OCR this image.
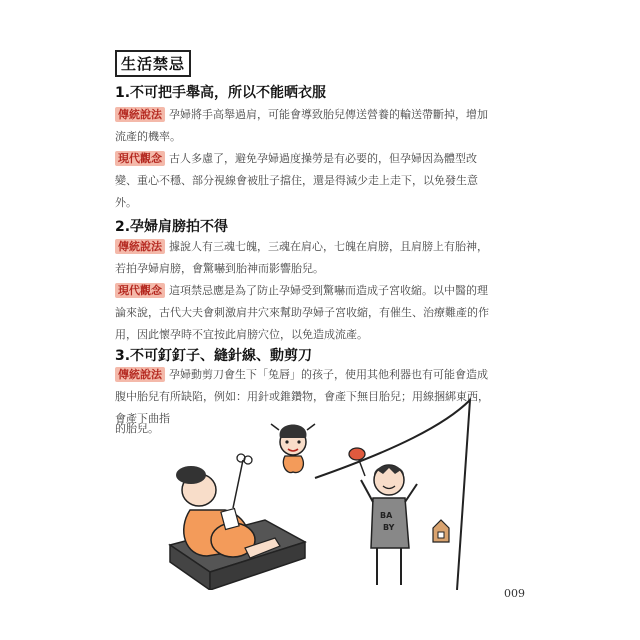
生活禁忌
1.不可把手舉高，所以不能晒衣服
傳統說法 孕婦將手高舉過肩，可能會導致胎兒傳送營養的輸送帶斷掉，增加流產的機率。
現代觀念 古人多慮了，避免孕婦過度操勞是有必要的，但孕婦因為體型改變、重心不穩、部分視線會被肚子擋住，還是得減少走上走下，以免發生意外。
2.孕婦肩膀拍不得
傳統說法 據說人有三魂七魄，三魂在肩心，七魄在肩膀，且肩膀上有胎神，若拍孕婦肩膀，會驚嚇到胎神而影響胎兒。
現代觀念 這項禁忌應是為了防止孕婦受到驚嚇而造成子宮收縮。以中醫的理論來說，古代大夫會刺激肩井穴來幫助孕婦子宮收縮，有催生、治療難產的作用，因此懷孕時不宜按此肩膀穴位，以免造成流產。
3.不可釘釘子、縫針線、動剪刀
傳統說法 孕婦動剪刀會生下「兔唇」的孩子，使用其他利器也有可能會造成腹中胎兒有所缺陷，例如：用針或錐鑽物，會產下無目胎兒；用線捆綁東西，會產下曲指
的胎兒。
BA
BY
009
